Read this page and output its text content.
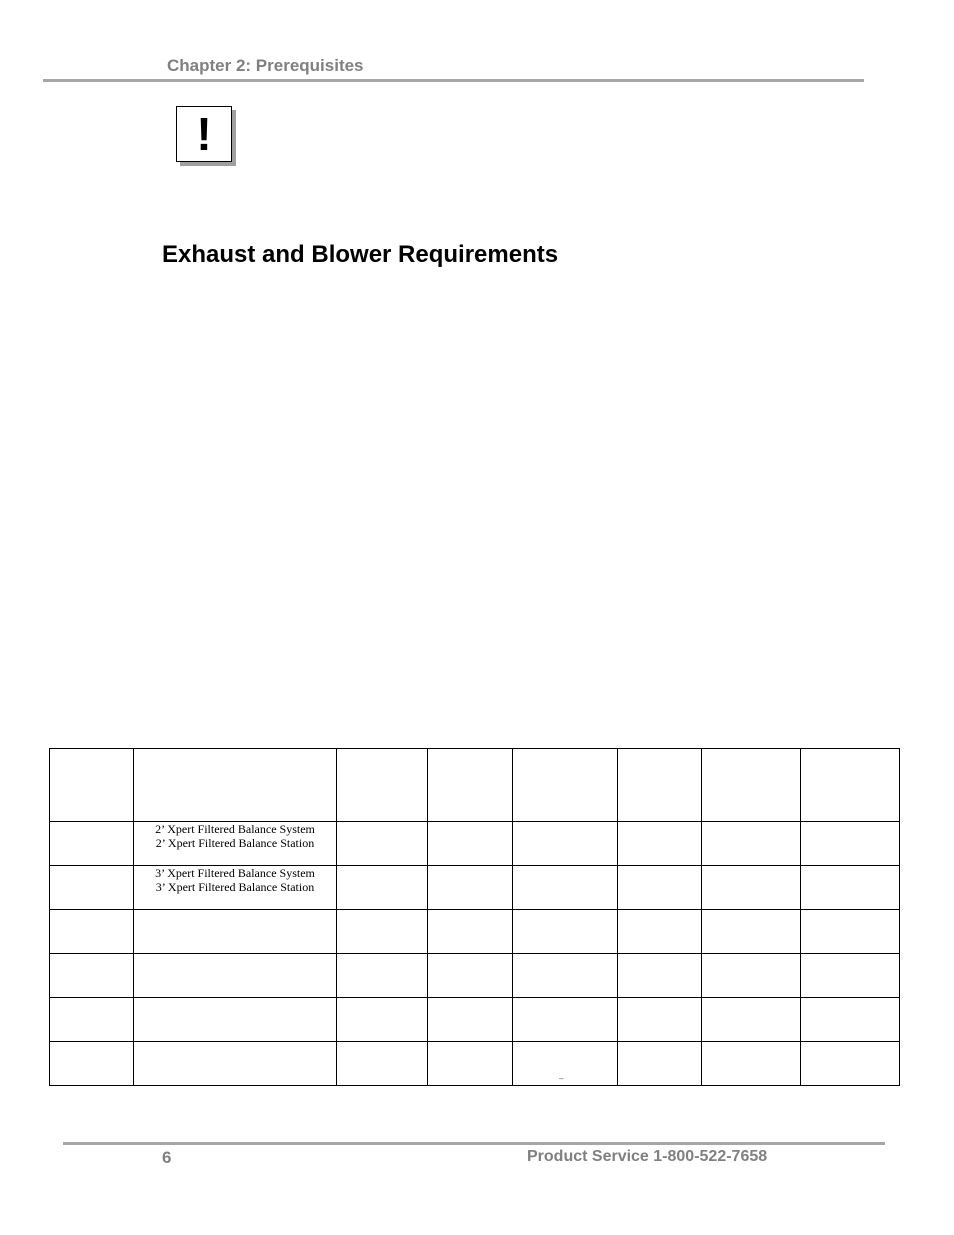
Chapter 2: Prerequisites
!
Exhaust and Blower Requirements

	2’ Xpert Filtered Balance System
2’ Xpert Filtered Balance Station						

	3’ Xpert Filtered Balance System
3’ Xpert Filtered Balance Station						

				–			

6	Product Service 1-800-522-7658
